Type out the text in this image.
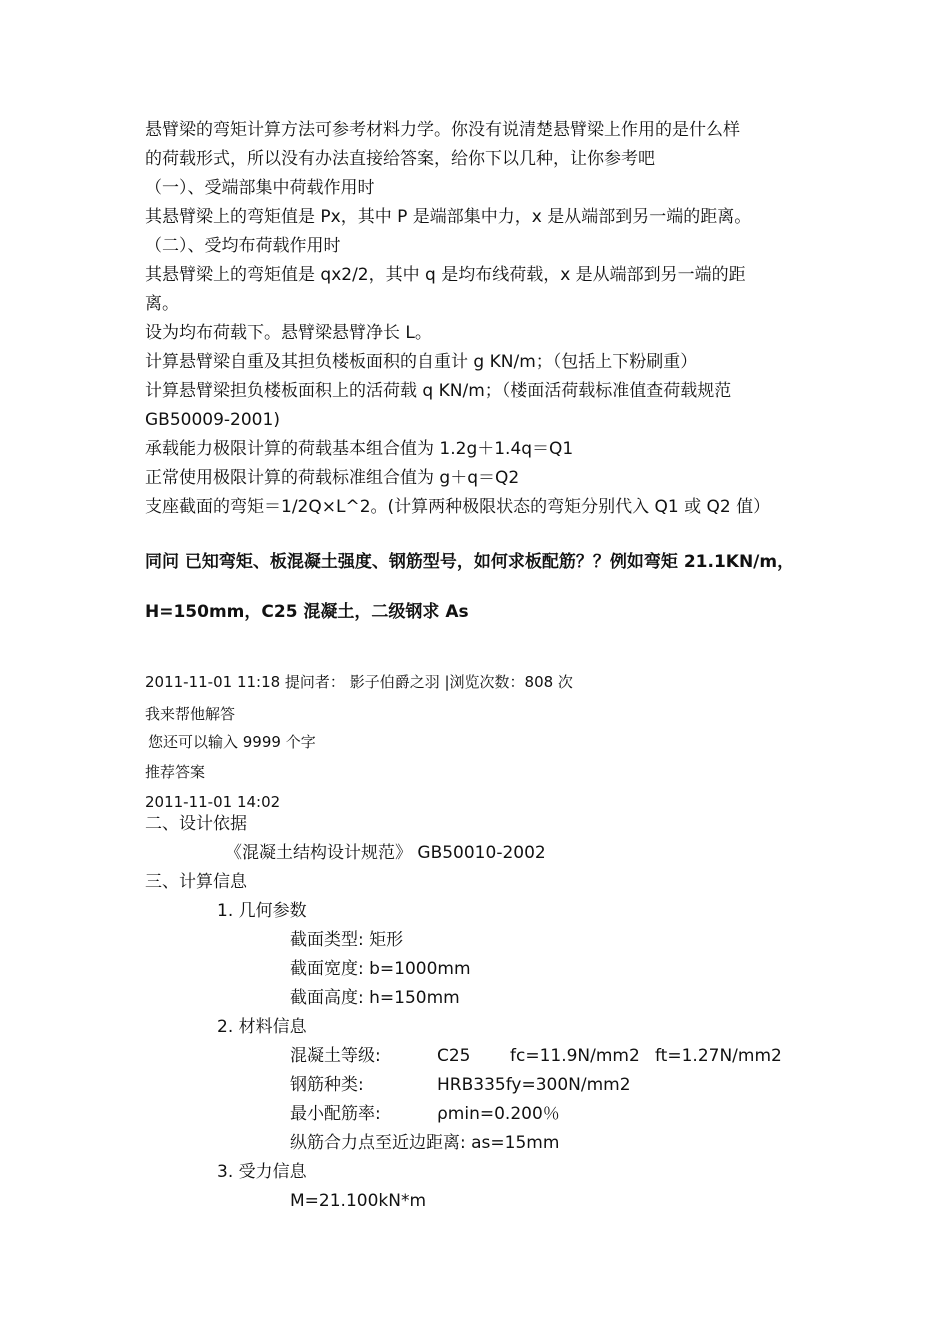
悬臂梁的弯矩计算方法可参考材料力学。你没有说清楚悬臂梁上作用的是什么样
的荷载形式，所以没有办法直接给答案，给你下以几种，让你参考吧
（一）、受端部集中荷载作用时
其悬臂梁上的弯矩值是 Px，其中 P 是端部集中力，x 是从端部到另一端的距离。
（二）、受均布荷载作用时
其悬臂梁上的弯矩值是 qx2/2，其中 q 是均布线荷载，x 是从端部到另一端的距
离。
设为均布荷载下。悬臂梁悬臂净长 L。
计算悬臂梁自重及其担负楼板面积的自重计 g KN/m；（包括上下粉刷重）
计算悬臂梁担负楼板面积上的活荷载 q KN/m；（楼面活荷载标准值查荷载规范
GB50009-2001)
承载能力极限计算的荷载基本组合值为 1.2g＋1.4q＝Q1
正常使用极限计算的荷载标准组合值为 g＋q＝Q2
支座截面的弯矩＝1/2Q×L^2。(计算两种极限状态的弯矩分别代入 Q1 或 Q2 值）
同问 已知弯矩、板混凝土强度、钢筋型号，如何求板配筋？？例如弯矩 21.1KN/m，
H=150mm，C25 混凝土，二级钢求 As
2011-11-01 11:18 提问者： 影子伯爵之羽 |浏览次数：808 次
我来帮他解答
您还可以输入 9999 个字
推荐答案
2011-11-01 14:02
二、设计依据
《混凝土结构设计规范》 GB50010-2002
三、计算信息
1. 几何参数
截面类型: 矩形
截面宽度: b=1000mm
截面高度: h=150mm
2. 材料信息
混凝土等级:	C25 fc=11.9N/mm2 ft=1.27N/mm2
钢筋种类:	HRB335fy=300N/mm2
最小配筋率:	ρmin=0.200％
纵筋合力点至近边距离: as=15mm
3. 受力信息
M=21.100kN*m
